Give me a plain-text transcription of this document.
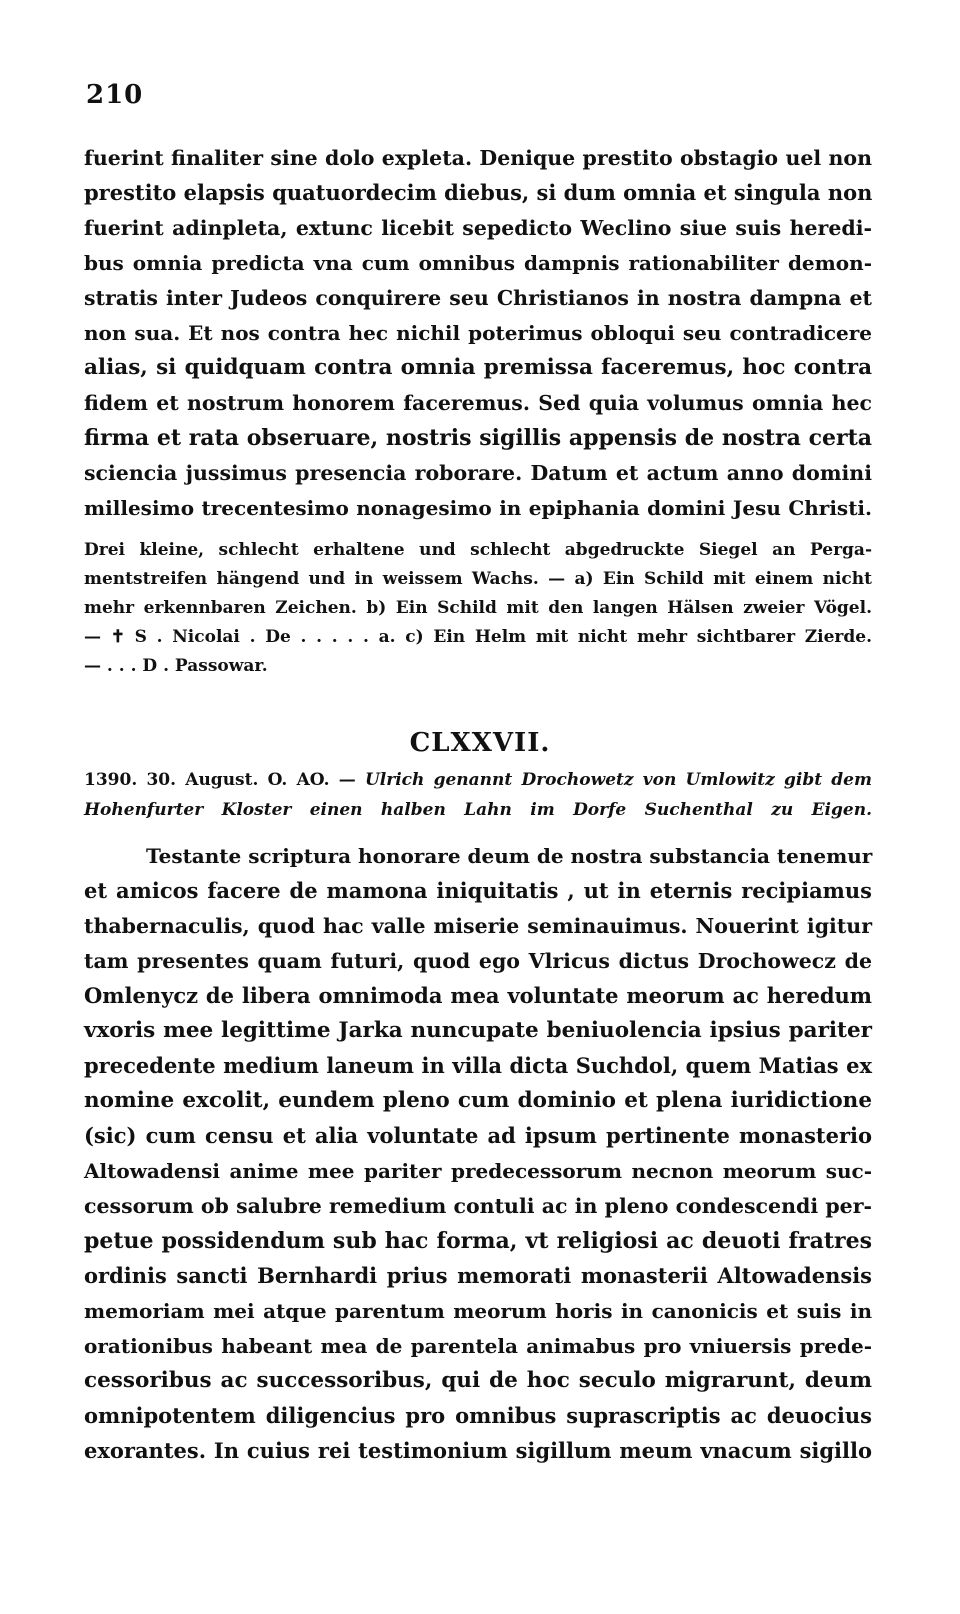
210
fuerint finaliter sine dolo expleta. Denique prestito obstagio uel non
prestito elapsis quatuordecim diebus, si dum omnia et singula non
fuerint adinpleta, extunc licebit sepedicto Weclino siue suis heredi-
bus omnia predicta vna cum omnibus dampnis rationabiliter demon-
stratis inter Judeos conquirere seu Christianos in nostra dampna et
non sua. Et nos contra hec nichil poterimus obloqui seu contradicere
alias, si quidquam contra omnia premissa faceremus, hoc contra
fidem et nostrum honorem faceremus. Sed quia volumus omnia hec
firma et rata obseruare, nostris sigillis appensis de nostra certa
sciencia jussimus presencia roborare. Datum et actum anno domini
millesimo trecentesimo nonagesimo in epiphania domini Jesu Christi.
Drei kleine, schlecht erhaltene und schlecht abgedruckte Siegel an Perga-
mentstreifen hängend und in weissem Wachs. — a) Ein Schild mit einem nicht
mehr erkennbaren Zeichen. b) Ein Schild mit den langen Hälsen zweier Vögel.
— ✝ S . Nicolai . De . . . . . a. c) Ein Helm mit nicht mehr sichtbarer Zierde.
— . . . D . Passowar.
CLXXVII.
1390. 30. August. O. AO. — Ulrich genannt Drochowetz von Umlowitz gibt dem
Hohenfurter Kloster einen halben Lahn im Dorfe Suchenthal zu Eigen.
Testante scriptura honorare deum de nostra substancia tenemur
et amicos facere de mamona iniquitatis , ut in eternis recipiamus
thabernaculis, quod hac valle miserie seminauimus. Nouerint igitur
tam presentes quam futuri, quod ego Vlricus dictus Drochowecz de
Omlenycz de libera omnimoda mea voluntate meorum ac heredum
vxoris mee legittime Jarka nuncupate beniuolencia ipsius pariter
precedente medium laneum in villa dicta Suchdol, quem Matias ex
nomine excolit, eundem pleno cum dominio et plena iuridictione
(sic) cum censu et alia voluntate ad ipsum pertinente monasterio
Altowadensi anime mee pariter predecessorum necnon meorum suc-
cessorum ob salubre remedium contuli ac in pleno condescendi per-
petue possidendum sub hac forma, vt religiosi ac deuoti fratres
ordinis sancti Bernhardi prius memorati monasterii Altowadensis
memoriam mei atque parentum meorum horis in canonicis et suis in
orationibus habeant mea de parentela animabus pro vniuersis prede-
cessoribus ac successoribus, qui de hoc seculo migrarunt, deum
omnipotentem diligencius pro omnibus suprascriptis ac deuocius
exorantes. In cuius rei testimonium sigillum meum vnacum sigillo
